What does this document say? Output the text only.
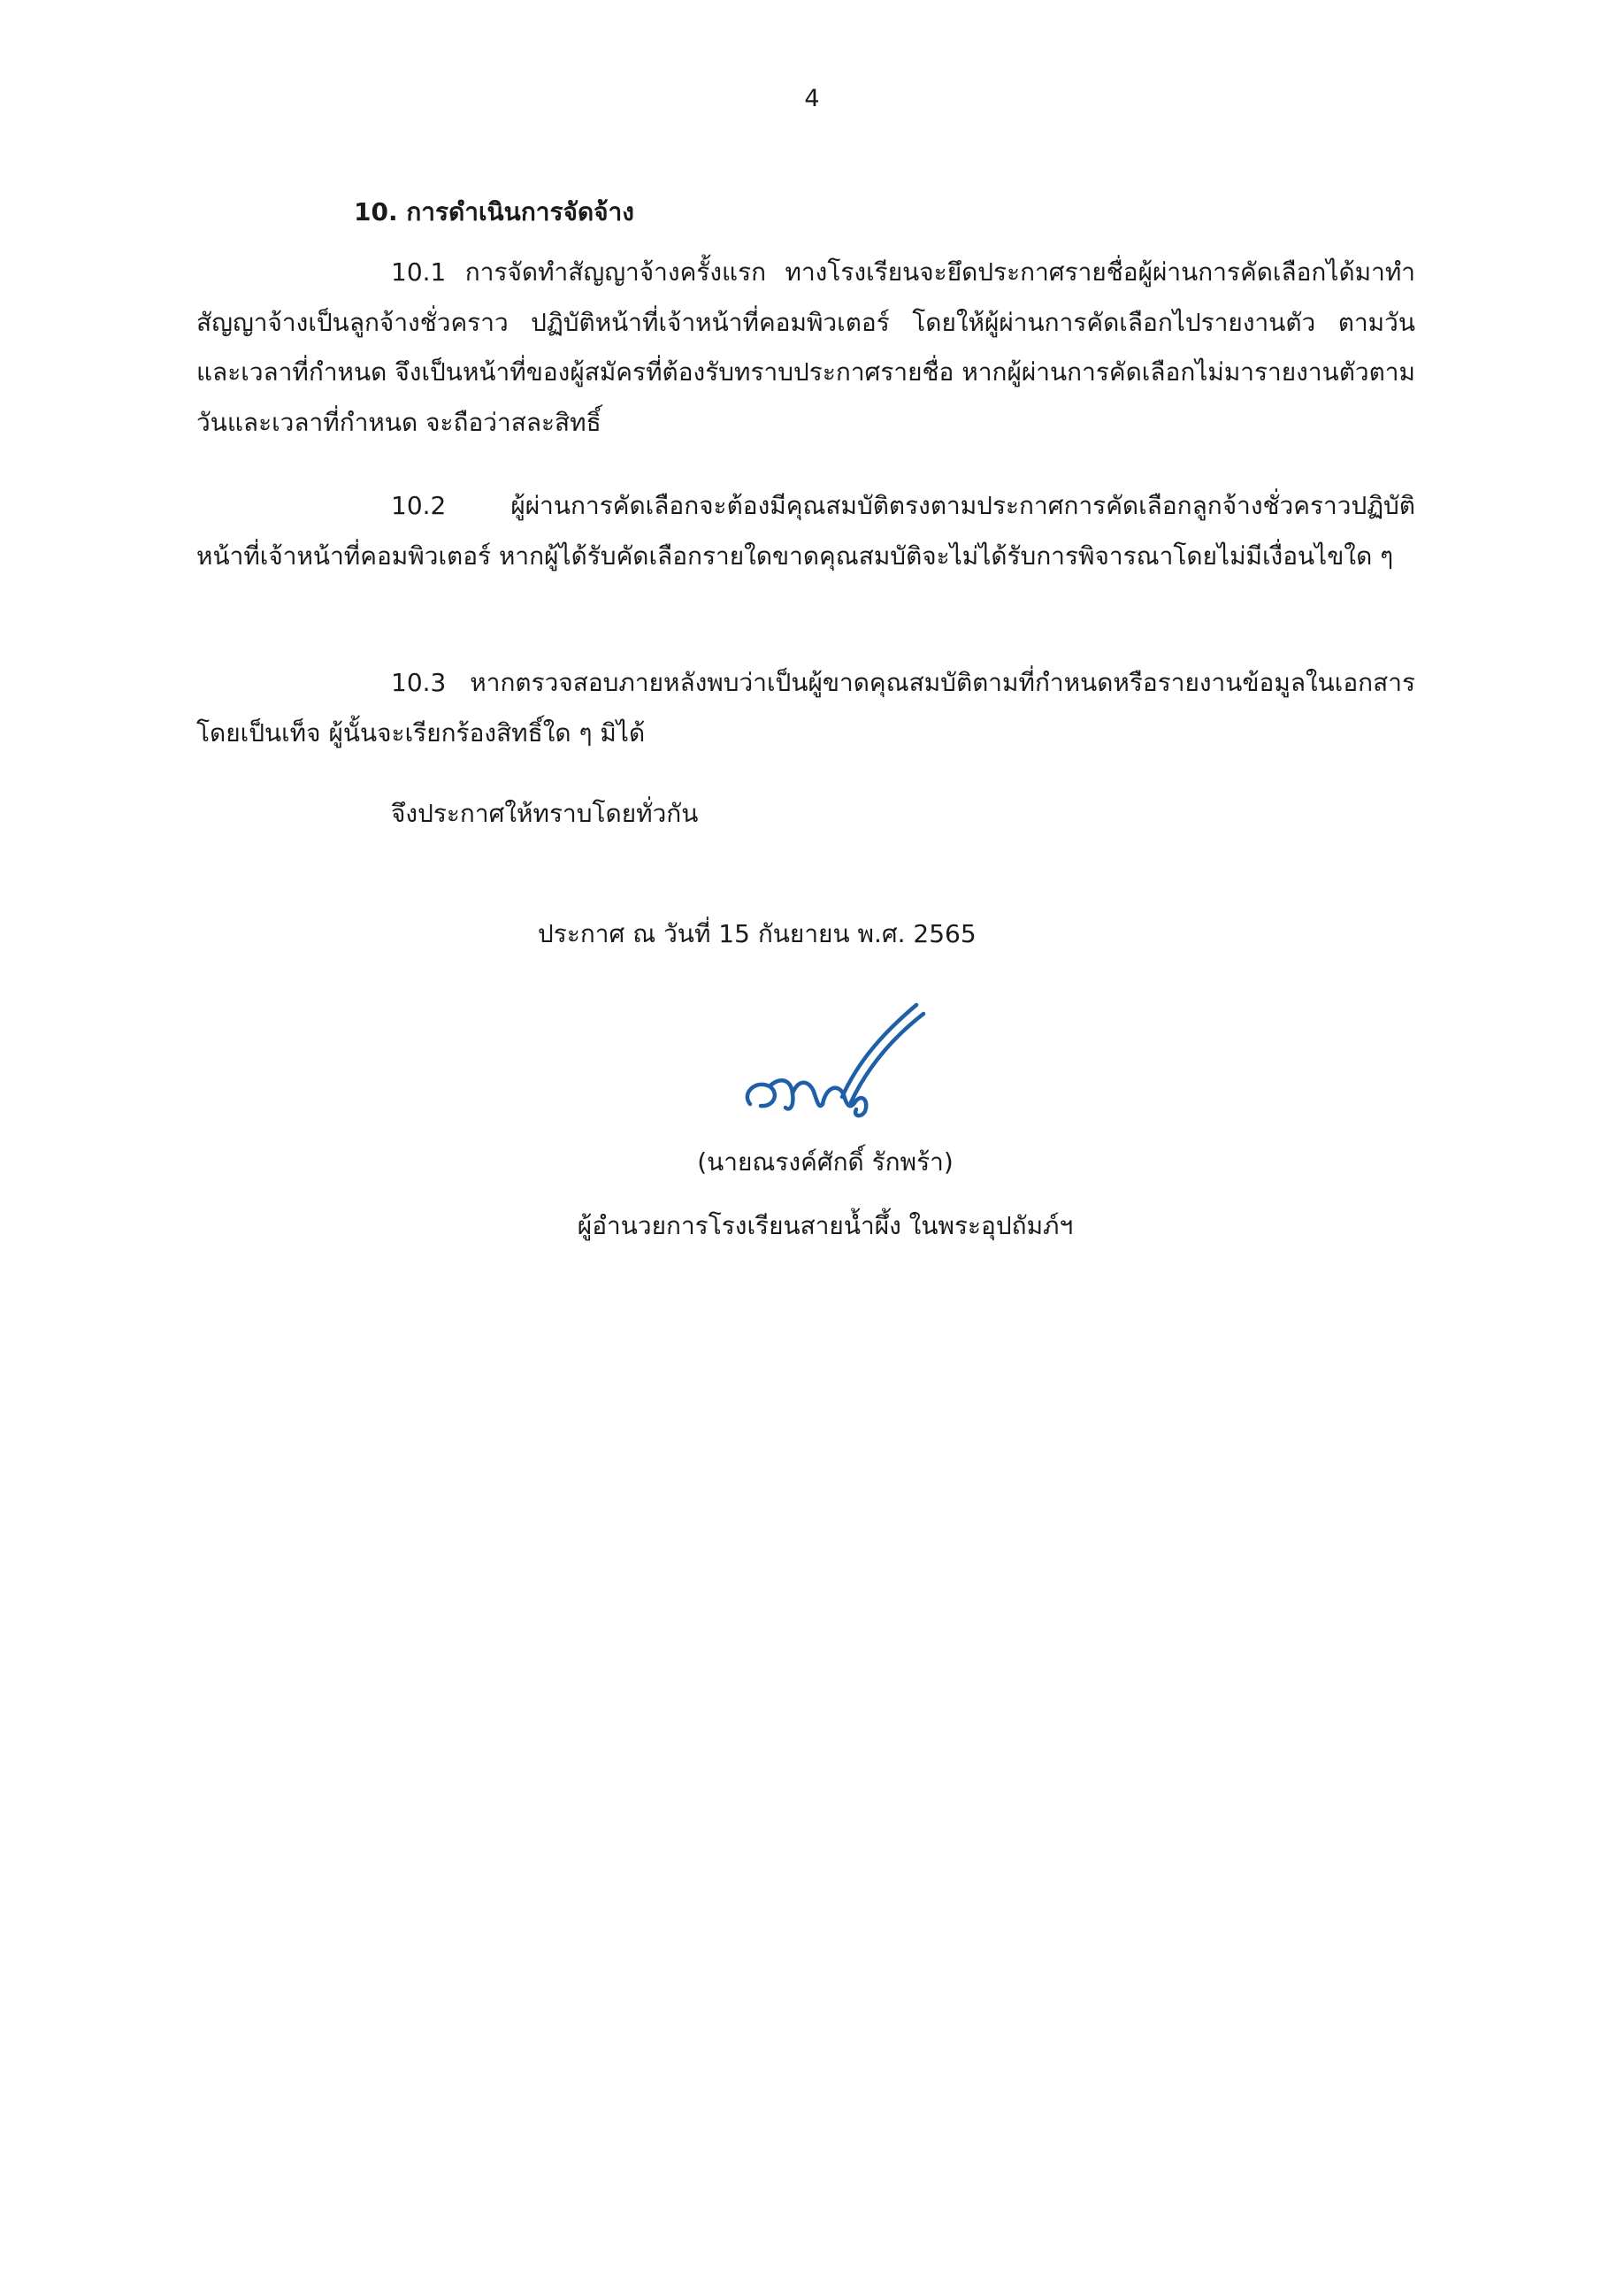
4
10. การดำเนินการจัดจ้าง
10.1 การจัดทำสัญญาจ้างครั้งแรก ทางโรงเรียนจะยึดประกาศรายชื่อผู้ผ่านการคัดเลือกได้มาทำสัญญาจ้างเป็นลูกจ้างชั่วคราว ปฏิบัติหน้าที่เจ้าหน้าที่คอมพิวเตอร์ โดยให้ผู้ผ่านการคัดเลือกไปรายงานตัว ตามวันและเวลาที่กำหนด จึงเป็นหน้าที่ของผู้สมัครที่ต้องรับทราบประกาศรายชื่อ หากผู้ผ่านการคัดเลือกไม่มารายงานตัวตามวันและเวลาที่กำหนด จะถือว่าสละสิทธิ์
10.2 ผู้ผ่านการคัดเลือกจะต้องมีคุณสมบัติตรงตามประกาศการคัดเลือกลูกจ้างชั่วคราวปฏิบัติหน้าที่เจ้าหน้าที่คอมพิวเตอร์ หากผู้ได้รับคัดเลือกรายใดขาดคุณสมบัติจะไม่ได้รับการพิจารณาโดยไม่มีเงื่อนไขใด ๆ
10.3 หากตรวจสอบภายหลังพบว่าเป็นผู้ขาดคุณสมบัติตามที่กำหนดหรือรายงานข้อมูลในเอกสารโดยเป็นเท็จ ผู้นั้นจะเรียกร้องสิทธิ์ใด ๆ มิได้
จึงประกาศให้ทราบโดยทั่วกัน
ประกาศ ณ วันที่ 15 กันยายน พ.ศ. 2565
(นายณรงค์ศักดิ์ รักพร้า)
ผู้อำนวยการโรงเรียนสายน้ำผึ้ง ในพระอุปถัมภ์ฯ
